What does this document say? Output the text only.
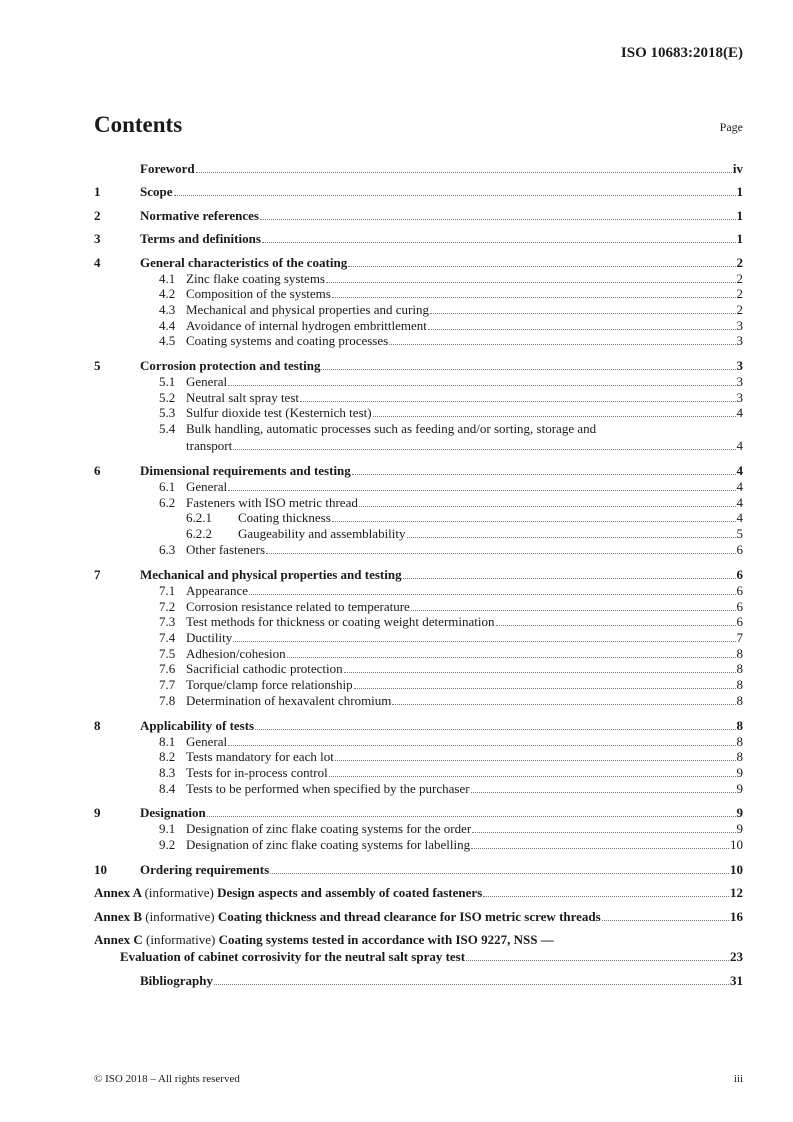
ISO 10683:2018(E)
Contents	Page
Foreword	iv
1	Scope	1
2	Normative references	1
3	Terms and definitions	1
4	General characteristics of the coating	2
4.1 Zinc flake coating systems	2
4.2 Composition of the systems	2
4.3 Mechanical and physical properties and curing	2
4.4 Avoidance of internal hydrogen embrittlement	3
4.5 Coating systems and coating processes	3
5	Corrosion protection and testing	3
5.1 General	3
5.2 Neutral salt spray test	3
5.3 Sulfur dioxide test (Kesternich test)	4
5.4 Bulk handling, automatic processes such as feeding and/or sorting, storage and
transport	4
6	Dimensional requirements and testing	4
6.1 General	4
6.2 Fasteners with ISO metric thread	4
6.2.1	Coating thickness	4
6.2.2	Gaugeability and assemblability	5
6.3 Other fasteners	6
7	Mechanical and physical properties and testing	6
7.1 Appearance	6
7.2 Corrosion resistance related to temperature	6
7.3 Test methods for thickness or coating weight determination	6
7.4 Ductility	7
7.5 Adhesion/cohesion	8
7.6 Sacrificial cathodic protection	8
7.7 Torque/clamp force relationship	8
7.8 Determination of hexavalent chromium	8
8	Applicability of tests	8
8.1 General	8
8.2 Tests mandatory for each lot	8
8.3 Tests for in-process control	9
8.4 Tests to be performed when specified by the purchaser	9
9	Designation	9
9.1 Designation of zinc flake coating systems for the order	9
9.2 Designation of zinc flake coating systems for labelling	10
10	Ordering requirements	10
Annex A (informative) Design aspects and assembly of coated fasteners	12
Annex B (informative) Coating thickness and thread clearance for ISO metric screw threads	16
Annex C (informative) Coating systems tested in accordance with ISO 9227, NSS —
Evaluation of cabinet corrosivity for the neutral salt spray test	23
Bibliography	31
© ISO 2018 – All rights reserved	iii
